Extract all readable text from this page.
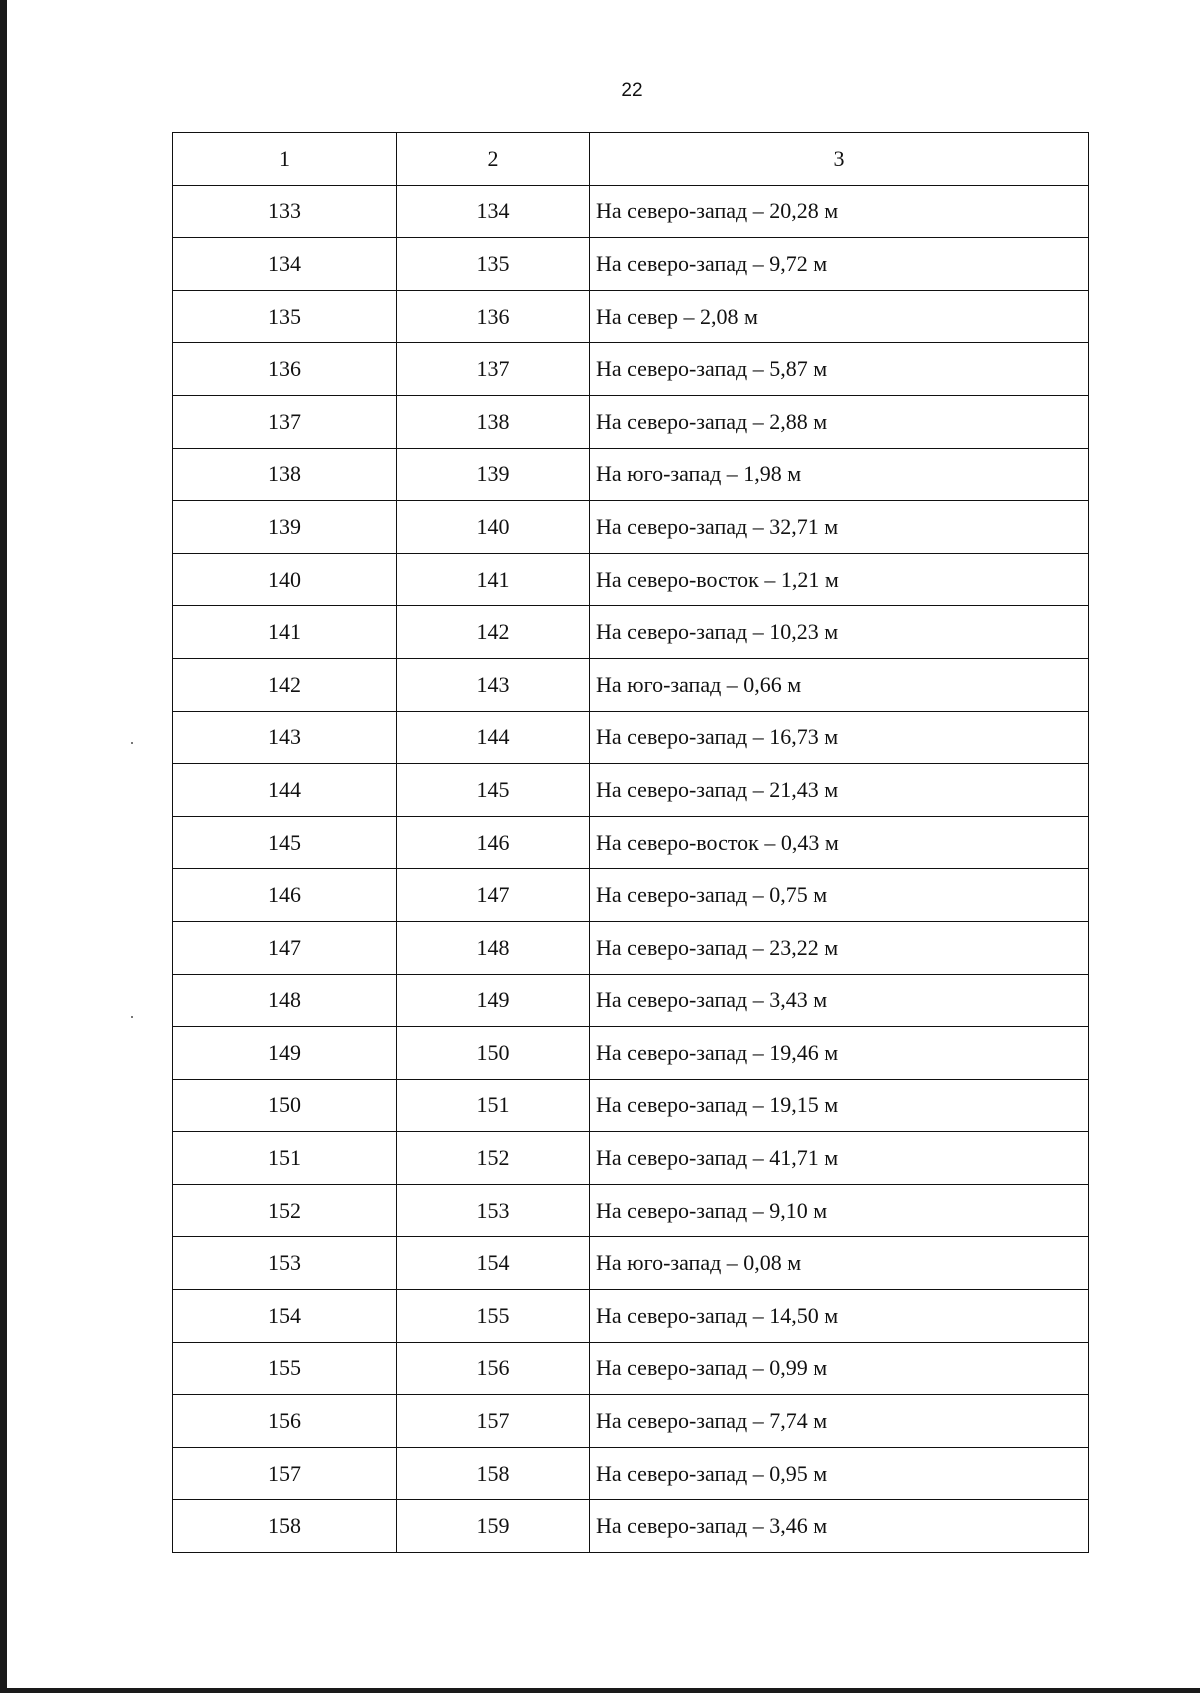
22
1	2	3
133	134	На северо-запад – 20,28 м
134	135	На северо-запад – 9,72 м
135	136	На север – 2,08 м
136	137	На северо-запад – 5,87 м
137	138	На северо-запад – 2,88 м
138	139	На юго-запад – 1,98 м
139	140	На северо-запад – 32,71 м
140	141	На северо-восток – 1,21 м
141	142	На северо-запад – 10,23 м
142	143	На юго-запад – 0,66 м
143	144	На северо-запад – 16,73 м
144	145	На северо-запад – 21,43 м
145	146	На северо-восток – 0,43 м
146	147	На северо-запад – 0,75 м
147	148	На северо-запад – 23,22 м
148	149	На северо-запад – 3,43 м
149	150	На северо-запад – 19,46 м
150	151	На северо-запад – 19,15 м
151	152	На северо-запад – 41,71 м
152	153	На северо-запад – 9,10 м
153	154	На юго-запад – 0,08 м
154	155	На северо-запад – 14,50 м
155	156	На северо-запад – 0,99 м
156	157	На северо-запад – 7,74 м
157	158	На северо-запад – 0,95 м
158	159	На северо-запад – 3,46 м
